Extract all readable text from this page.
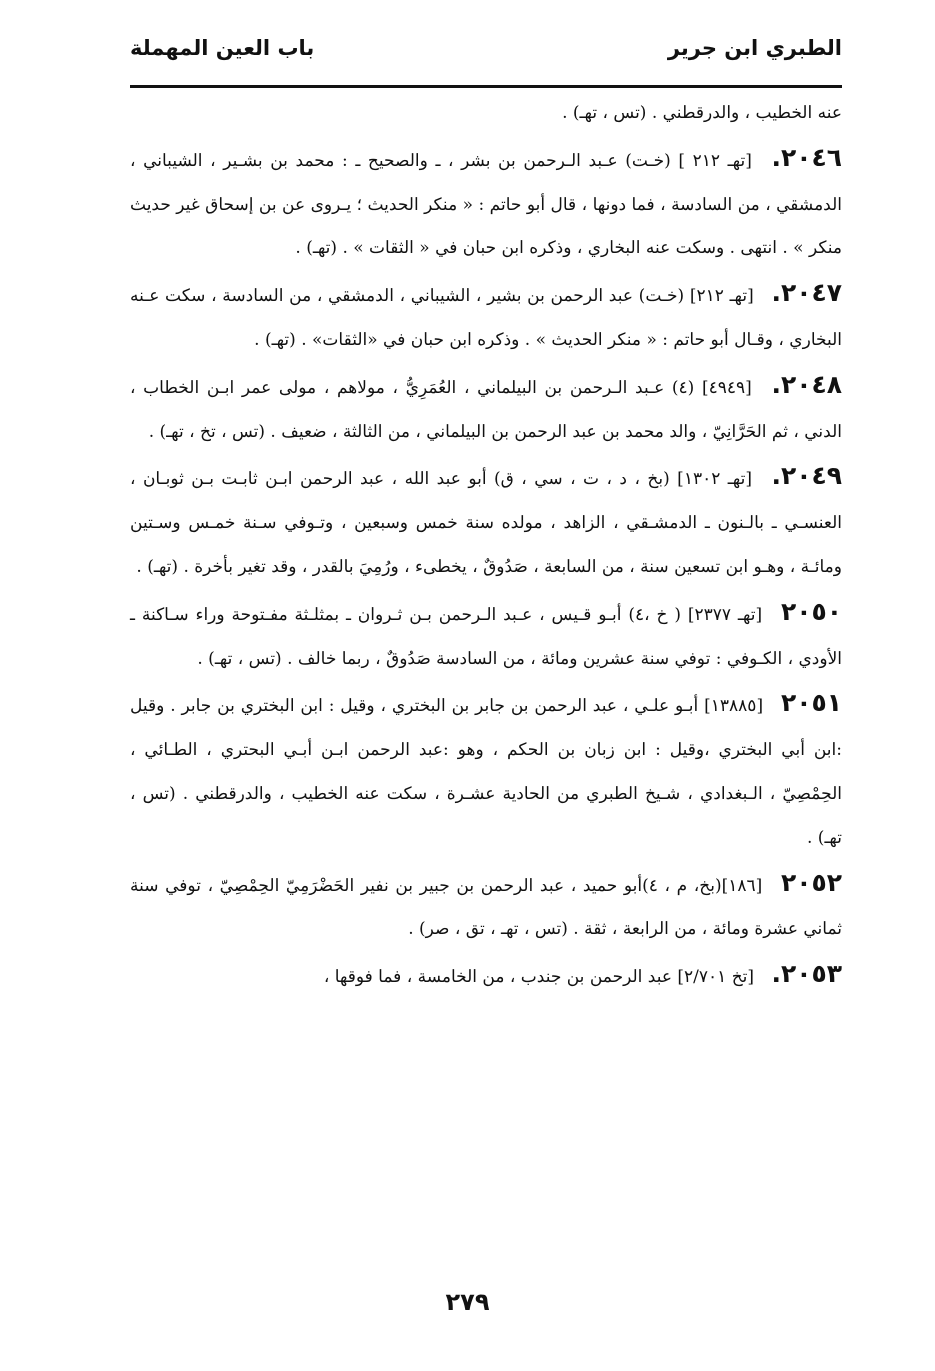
الطبري ابن جرير
باب العين المهملة

عنه الخطيب ، والدرقطني . (تس ، تهـ) .

٢٠٤٦. [تهـ ٢١٢ ] (خـت) عـبد الـرحمن بن بشر ، ـ والصحيح ـ : محمد بن بشـير ، الشيباني ، الدمشقي ، من السادسة ، فما دونها ، قال أبو حاتم : « منكر الحديث ؛ يـروى عن بن إسحاق غير حديث منكر » . انتهى . وسكت عنه البخاري ، وذكره ابن حبان في « الثقات » . (تهـ) .

٢٠٤٧. [تهـ ٢١٢] (خـت) عبد الرحمن بن بشير ، الشيباني ، الدمشقي ، من السادسة ، سكت عـنه البخاري ، وقـال أبو حاتم : « منكر الحديث » . وذكره ابن حبان في «الثقات» . (تهـ) .

٢٠٤٨. [٤٩٤٩] (٤) عـبد الـرحمن بن البيلماني ، العُمَرِيُّ ، مولاهم ، مولى عمر ابـن الخطاب ، الدني ، ثم الحَرَّانِيّ ، والد محمد بن عبد الرحمن بن البيلماني ، من الثالثة ، ضعيف . (تس ، تخ ، تهـ) .

٢٠٤٩. [تهـ ١٣٠٢] (بخ ، د ، ت ، سي ، ق) أبو عبد الله ، عبد الرحمن ابـن ثابـت بـن ثوبـان ، العنسـي ـ بالـنون ـ الدمشـقي ، الزاهد ، مولده سنة خمس وسبعين ، وتـوفي سـنة خمـس وسـتين ومائـة ، وهـو ابن تسعين سنة ، من السابعة ، صَدُوقٌ ، يخطىء ، ورُمِيَ بالقدر ، وقد تغير بأخرة . (تهـ) .

٢٠٥٠ [تهـ ٢٣٧٧] ( خ ،٤) أبـو قـيس ، عـبد الـرحمن بـن ثـروان ـ بمثلـثة مفـتوحة وراء سـاكنة ـ الأودي ، الكـوفي : توفي سنة عشرين ومائة ، من السادسة صَدُوقٌ ، ربما خالف . (تس ، تهـ) .

٢٠٥١ [١٣٨٨٥] أبـو علـي ، عبد الرحمن بن جابر بن البختري ، وقيل : ابن البختري بن جابر . وقيل :ابن أبي البختري ،وقيل : ابن زبان بن الحكم ، وهو :عبد الرحمن ابـن أبـي البحتري ، الطـائي ، الحِمْصِيّ ، الـبغدادي ، شـيخ الطبري من الحادية عشـرة ، سكت عنه الخطيب ، والدرقطني . (تس ، تهـ) .

٢٠٥٢ [١٨٦](بخ، م ، ٤)أبو حميد ، عبد الرحمن بن جبير بن نفير الحَضْرَمِيّ الحِمْصِيّ ، توفي سنة ثماني عشرة ومائة ، من الرابعة ، ثقة . (تس ، تهـ ، تق ، صر) .

٢٠٥٣. [تخ ٢/٧٠١] عبد الرحمن بن جندب ، من الخامسة ، فما فوقها ،

٢٧٩
